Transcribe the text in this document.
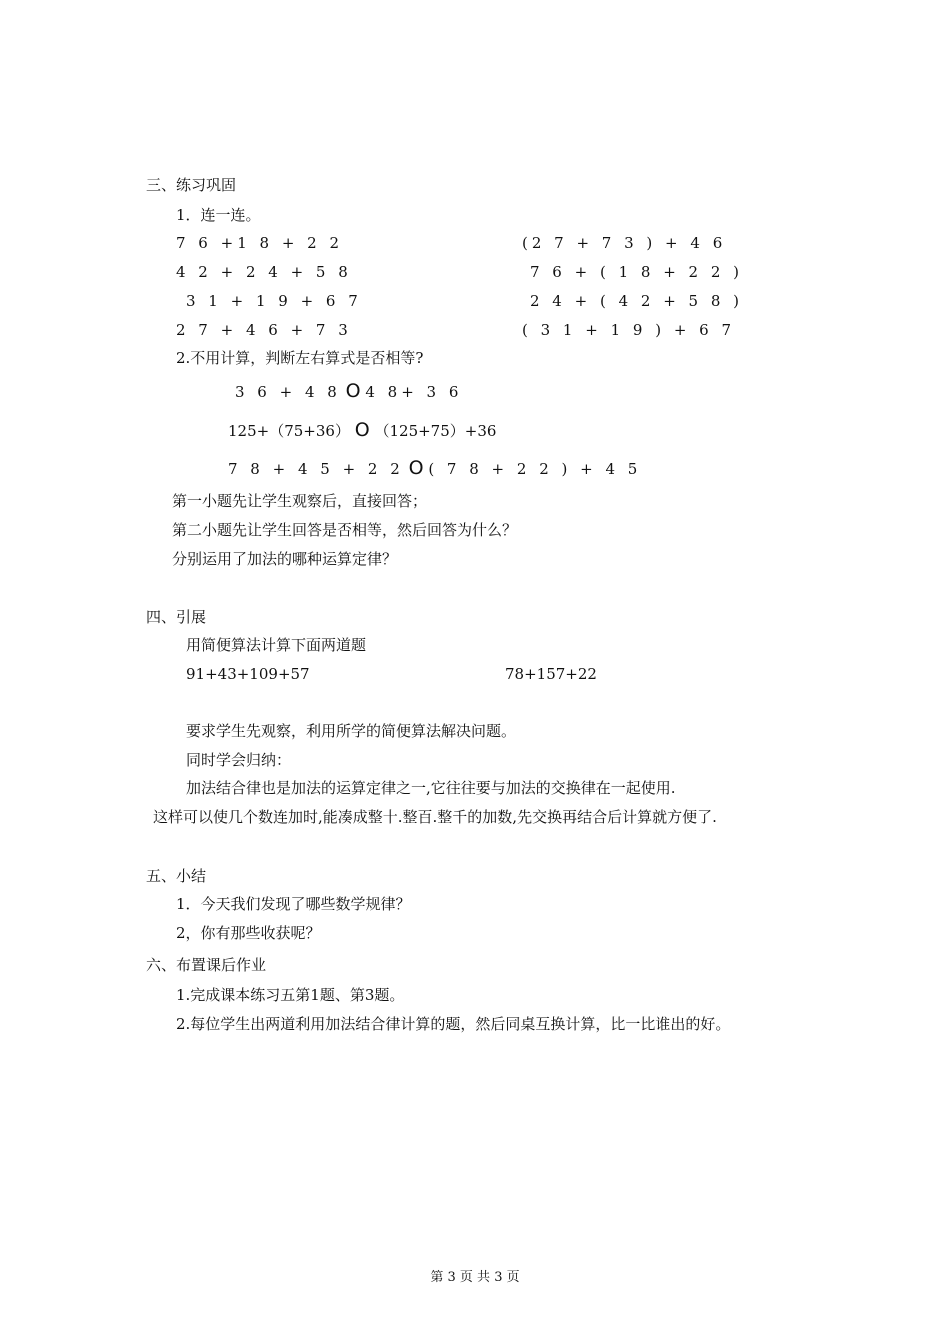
三、练习巩固
1．连一连。
7 6 +1 8 + 2 2
4 2 + 2 4 + 5 8
3 1 + 1 9 + 6 7
2 7 + 4 6 + 7 3
(2 7 + 7 3 ) + 4 6
7 6 + ( 1 8 + 2 2 )
2 4 + ( 4 2 + 5 8 )
( 3 1 + 1 9 ) + 6 7
2.不用计算，判断左右算式是否相等?
3 6 + 4 8 O 4 8+ 3 6
125+（75+36） O （125+75）+36
7 8 + 4 5 + 2 2 O ( 7 8 + 2 2 ) + 4 5
第一小题先让学生观察后，直接回答；
第二小题先让学生回答是否相等，然后回答为什么？
分别运用了加法的哪种运算定律？
四、引展
用简便算法计算下面两道题
91+43+109+57	78+157+22
要求学生先观察，利用所学的简便算法解决问题。
同时学会归纳：
加法结合律也是加法的运算定律之一,它往往要与加法的交换律在一起使用.
这样可以使几个数连加时,能凑成整十.整百.整千的加数,先交换再结合后计算就方便了.
五、小结
1．今天我们发现了哪些数学规律？
2，你有那些收获呢？
六、布置课后作业
1.完成课本练习五第1题、第3题。
2.每位学生出两道利用加法结合律计算的题，然后同桌互换计算，比一比谁出的好。
第 3 页 共 3 页
